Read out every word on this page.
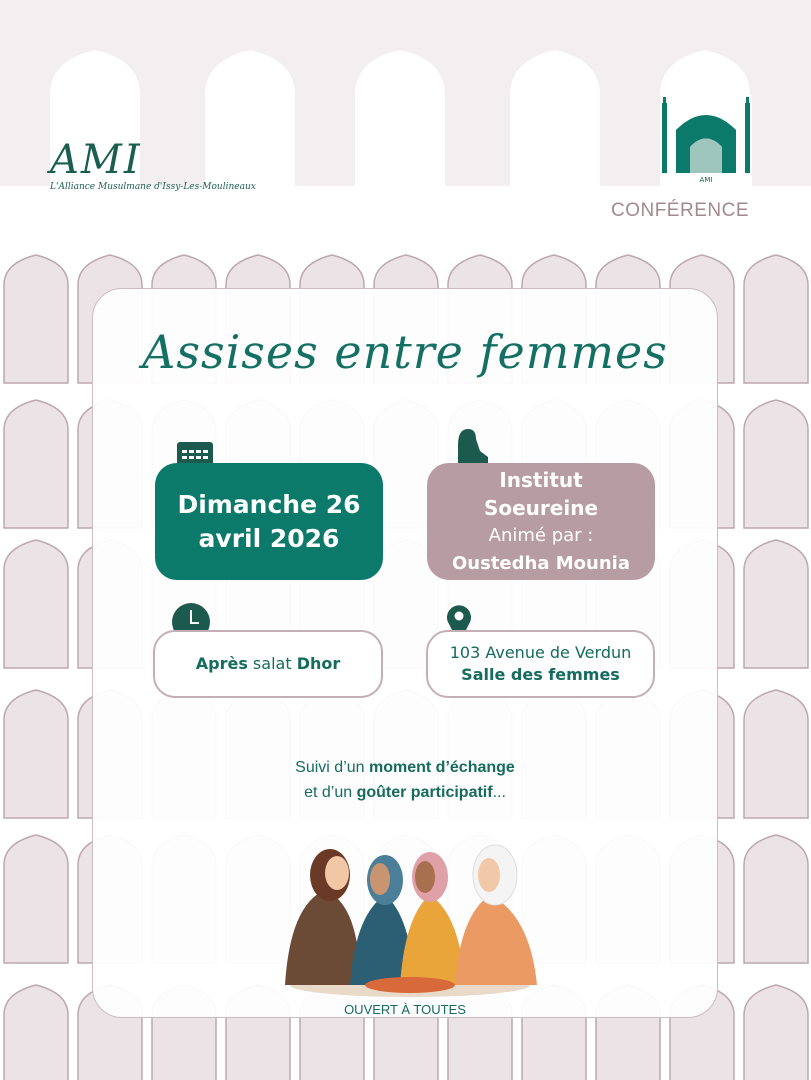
AMI
L'Alliance Musulmane d'Issy-Les-Moulineaux
AMI
CONFÉRENCE
Assises entre femmes
Dimanche 26
avril 2026
Institut
Soeureine
Animé par :
Oustedha Mounia
Après salat Dhor
103 Avenue de Verdun
Salle des femmes
Suivi d’un moment d’échange
et d’un goûter participatif...
OUVERT À TOUTES
